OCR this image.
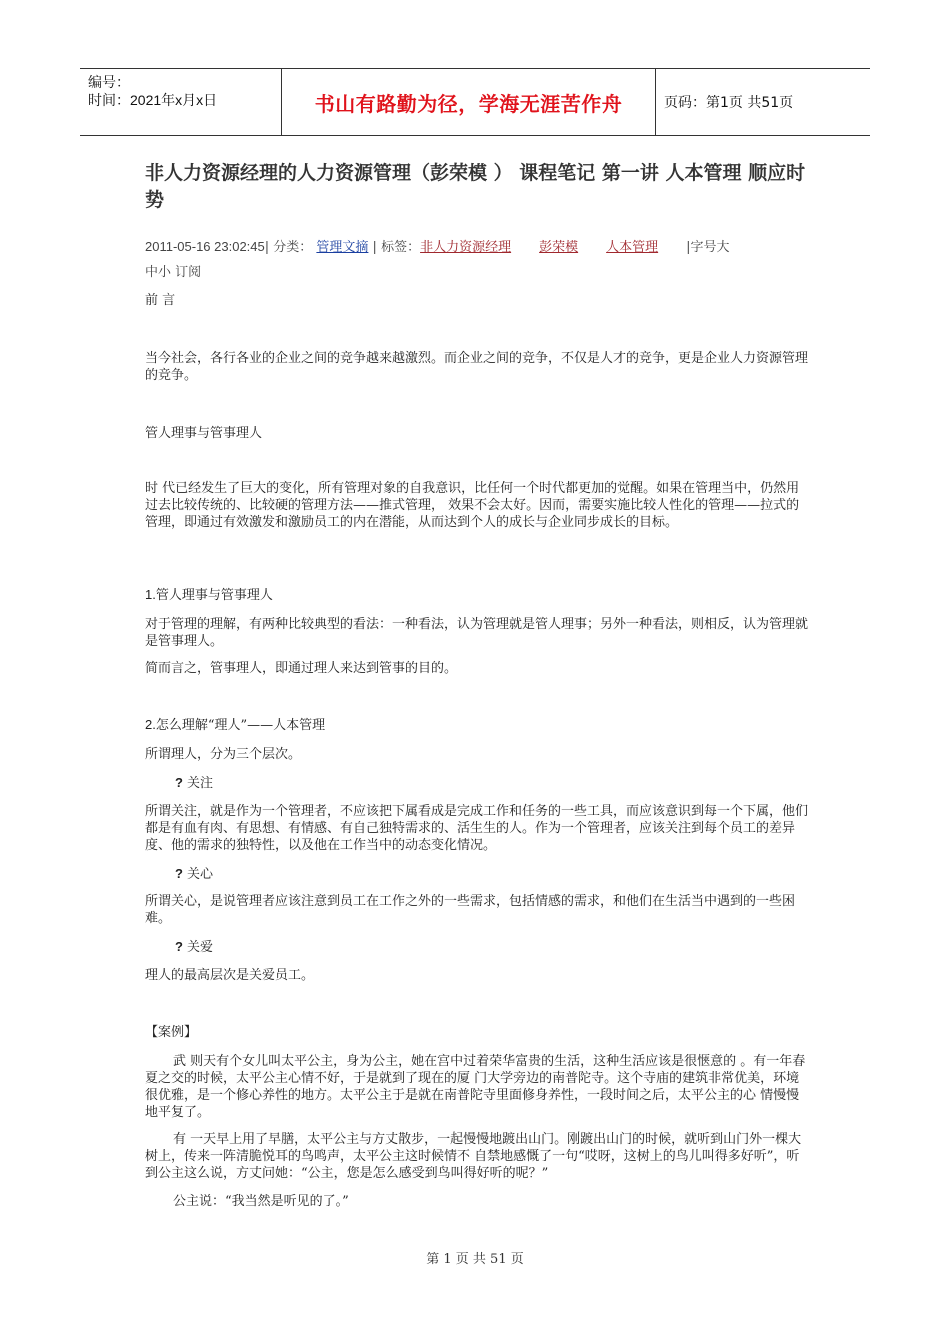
编号：
时间：2021年x月x日	书山有路勤为径，学海无涯苦作舟	页码：第1页 共51页
非人力资源经理的人力资源管理（彭荣模 ） 课程笔记 第一讲 人本管理 顺应时势
2011-05-16 23:02:45| 分类： 管理文摘 | 标签：非人力资源经理 彭荣模 人本管理 |字号大
中小 订阅

前 言

当今社会，各行各业的企业之间的竞争越来越激烈。而企业之间的竞争，不仅是人才的竞争，更是企业人力资源管理的竞争。

管人理事与管事理人

时 代已经发生了巨大的变化，所有管理对象的自我意识，比任何一个时代都更加的觉醒。如果在管理当中，仍然用过去比较传统的、比较硬的管理方法——推式管理， 效果不会太好。因而，需要实施比较人性化的管理——拉式的管理，即通过有效激发和激励员工的内在潜能，从而达到个人的成长与企业同步成长的目标。

1.管人理事与管事理人

对于管理的理解，有两种比较典型的看法：一种看法，认为管理就是管人理事；另外一种看法，则相反，认为管理就是管事理人。

简而言之，管事理人，即通过理人来达到管事的目的。

2.怎么理解“理人”——人本管理

所谓理人，分为三个层次。

? 关注

所谓关注，就是作为一个管理者，不应该把下属看成是完成工作和任务的一些工具，而应该意识到每一个下属，他们都是有血有肉、有思想、有情感、有自己独特需求的、活生生的人。作为一个管理者，应该关注到每个员工的差异度、他的需求的独特性，以及他在工作当中的动态变化情况。

? 关心

所谓关心，是说管理者应该注意到员工在工作之外的一些需求，包括情感的需求，和他们在生活当中遇到的一些困难。

? 关爱

理人的最高层次是关爱员工。

【案例】

武 则天有个女儿叫太平公主，身为公主，她在宫中过着荣华富贵的生活，这种生活应该是很惬意的 。有一年春夏之交的时候，太平公主心情不好，于是就到了现在的厦 门大学旁边的南普陀寺。这个寺庙的建筑非常优美，环境很优雅，是一个修心养性的地方。太平公主于是就在南普陀寺里面修身养性，一段时间之后，太平公主的心 情慢慢地平复了。

有 一天早上用了早膳，太平公主与方丈散步，一起慢慢地踱出山门。刚踱出山门的时候，就听到山门外一棵大树上，传来一阵清脆悦耳的鸟鸣声，太平公主这时候情不 自禁地感慨了一句“哎呀，这树上的鸟儿叫得多好听”，听到公主这么说，方丈问她：“公主，您是怎么感受到鸟叫得好听的呢？”

公主说：“我当然是听见的了。”

第 1 页 共 51 页
